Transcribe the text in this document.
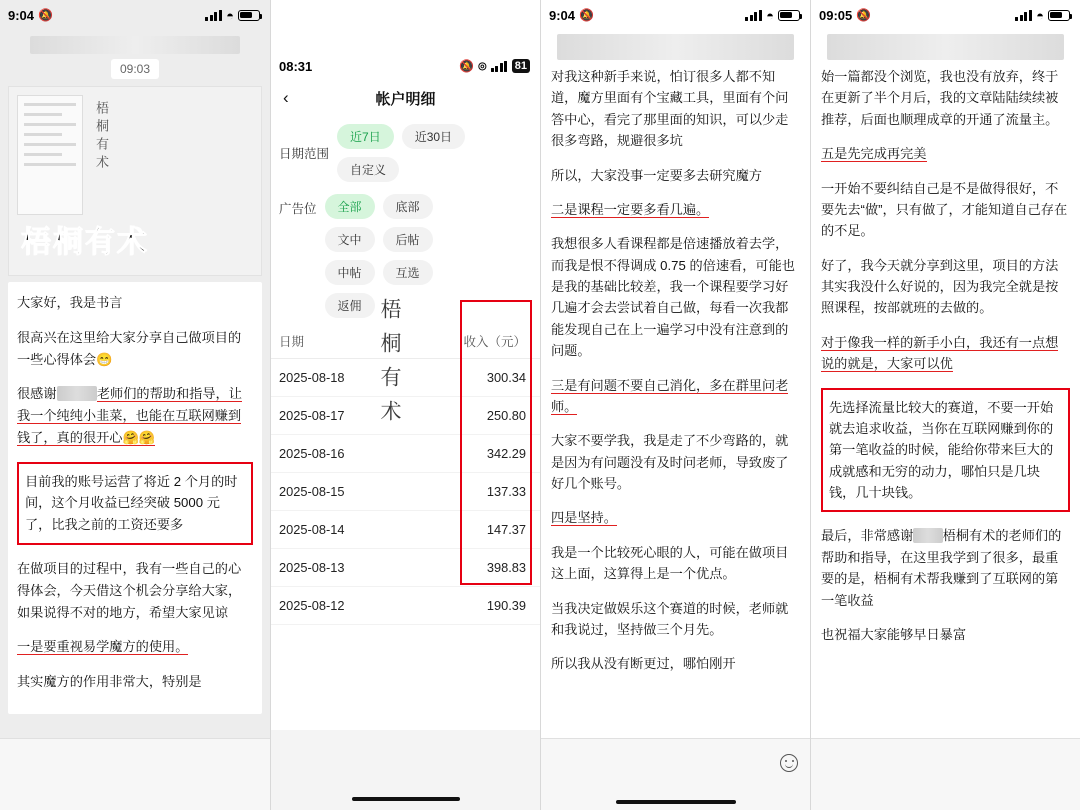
9:04 🔕	◓
09:03
梧桐有术
梧桐有术

大家好，我是书言

很高兴在这里给大家分享自己做项目的一些心得体会😁

很感谢	老师们的帮助和指导，让我一个纯纯小韭菜，也能在互联网赚到钱了，真的很开心🤗🤗

目前我的账号运营了将近 2 个月的时间，这个月收益已经突破 5000 元了，比我之前的工资还要多

在做项目的过程中，我有一些自己的心得体会，今天借这个机会分享给大家，如果说得不对的地方，希望大家见谅

一是要重视易学魔方的使用。

其实魔方的作用非常大，特别是

08:31	🔕 ◎	81
‹	帐户明细
日期范围
近7日	近30日
自定义
广告位	全部	底部
文中	后帖
中帖	互选
返佣
日期	收入（元）
2025-08-18	300.34
2025-08-17	250.80
2025-08-16	342.29
2025-08-15	137.33
2025-08-14	147.37
2025-08-13	398.83
2025-08-12	190.39
梧桐有术
9:04 🔕	◓

对我这种新手来说，怕订很多人都不知道，魔方里面有个宝藏工具，里面有个问答中心，看完了那里面的知识，可以少走很多弯路，规避很多坑

所以，大家没事一定要多去研究魔方

二是课程一定要多看几遍。

我想很多人看课程都是倍速播放着去学，而我是恨不得调成 0.75 的倍速看，可能也是我的基础比较差，我一个课程要学习好几遍才会去尝试着自己做，每看一次我都能发现自己在上一遍学习中没有注意到的问题。

三是有问题不要自己消化，多在群里问老师。

大家不要学我，我是走了不少弯路的，就是因为有问题没有及时问老师，导致废了好几个账号。

四是坚持。

我是一个比较死心眼的人，可能在做项目这上面，这算得上是一个优点。

当我决定做娱乐这个赛道的时候，老师就和我说过，坚持做三个月先。

所以我从没有断更过，哪怕刚开

09:05 🔕	◓

始一篇都没个浏览，我也没有放弃，终于在更新了半个月后，我的文章陆陆续续被推荐，后面也顺理成章的开通了流量主。

五是先完成再完美

一开始不要纠结自己是不是做得很好，不要先去“做”，只有做了，才能知道自己存在的不足。

好了，我今天就分享到这里，项目的方法其实我没什么好说的，因为我完全就是按照课程，按部就班的去做的。

对于像我一样的新手小白，我还有一点想说的就是，大家可以优

先选择流量比较大的赛道，不要一开始就去追求收益，当你在互联网赚到你的第一笔收益的时候，能给你带来巨大的成就感和无穷的动力，哪怕只是几块钱，几十块钱。

最后，非常感谢 梧桐有术的老师们的帮助和指导，在这里我学到了很多，最重要的是，梧桐有术帮我赚到了互联网的第一笔收益

也祝福大家能够早日暴富
